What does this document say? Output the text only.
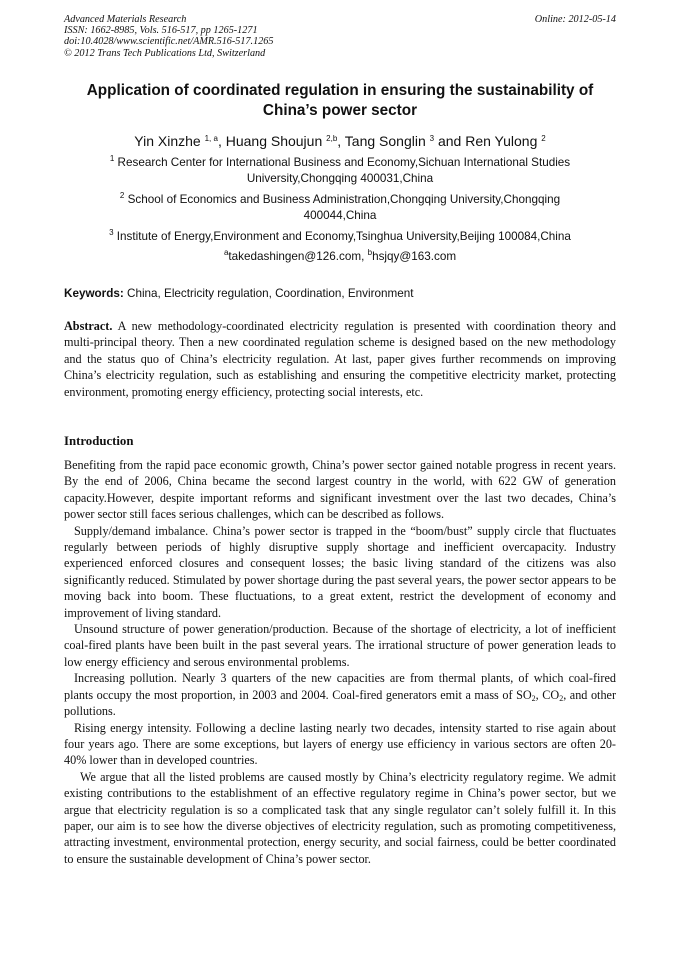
Advanced Materials Research
ISSN: 1662-8985, Vols. 516-517, pp 1265-1271
doi:10.4028/www.scientific.net/AMR.516-517.1265
© 2012 Trans Tech Publications Ltd, Switzerland
Online: 2012-05-14
Application of coordinated regulation in ensuring the sustainability of
China’s power sector
Yin Xinzhe $^{1, a}$, Huang Shoujun $^{2,b}$, Tang Songlin $^3$ and Ren Yulong $^2$
$^1$ Research Center for International Business and Economy,Sichuan International Studies
University,Chongqing 400031,China
$^2$ School of Economics and Business Administration,Chongqing University,Chongqing
400044,China
$^3$ Institute of Energy,Environment and Economy,Tsinghua University,Beijing 100084,China
$^a$takedashingen@126.com, $^b$hsjqy@163.com
Keywords: China, Electricity regulation, Coordination, Environment
Abstract. A new methodology-coordinated electricity regulation is presented with coordination theory and multi-principal theory. Then a new coordinated regulation scheme is designed based on the new methodology and the status quo of China’s electricity regulation. At last, paper gives further recommends on improving China’s electricity regulation, such as establishing and ensuring the competitive electricity market, protecting environment, promoting energy efficiency, protecting social interests, etc.
Introduction

Benefiting from the rapid pace economic growth, China’s power sector gained notable progress in recent years. By the end of 2006, China became the second largest country in the world, with 622 GW of generation capacity.However, despite important reforms and significant investment over the last two decades, China’s power sector still faces serious challenges, which can be described as follows.

Supply/demand imbalance. China’s power sector is trapped in the “boom/bust” supply circle that fluctuates regularly between periods of highly disruptive supply shortage and inefficient overcapacity. Industry experienced enforced closures and consequent losses; the basic living standard of the citizens was also significantly reduced. Stimulated by power shortage during the past several years, the power sector appears to be moving back into boom. These fluctuations, to a great extent, restrict the development of economy and improvement of living standard.

Unsound structure of power generation/production. Because of the shortage of electricity, a lot of inefficient coal-fired plants have been built in the past several years. The irrational structure of power generation leads to low energy efficiency and serous environmental problems.

Increasing pollution. Nearly 3 quarters of the new capacities are from thermal plants, of which coal-fired plants occupy the most proportion, in 2003 and 2004. Coal-fired generators emit a mass of $SO_2$, $CO_2$, and other pollutions.

Rising energy intensity. Following a decline lasting nearly two decades, intensity started to rise again about four years ago. There are some exceptions, but layers of energy use efficiency in various sectors are often 20-40% lower than in developed countries.

We argue that all the listed problems are caused mostly by China’s electricity regulatory regime. We admit existing contributions to the establishment of an effective regulatory regime in China’s power sector, but we argue that electricity regulation is so a complicated task that any single regulator can’t solely fulfill it. In this paper, our aim is to see how the diverse objectives of electricity regulation, such as promoting competitiveness, attracting investment, environmental protection, energy security, and social fairness, could be better coordinated to ensure the sustainable development of China’s power sector.
